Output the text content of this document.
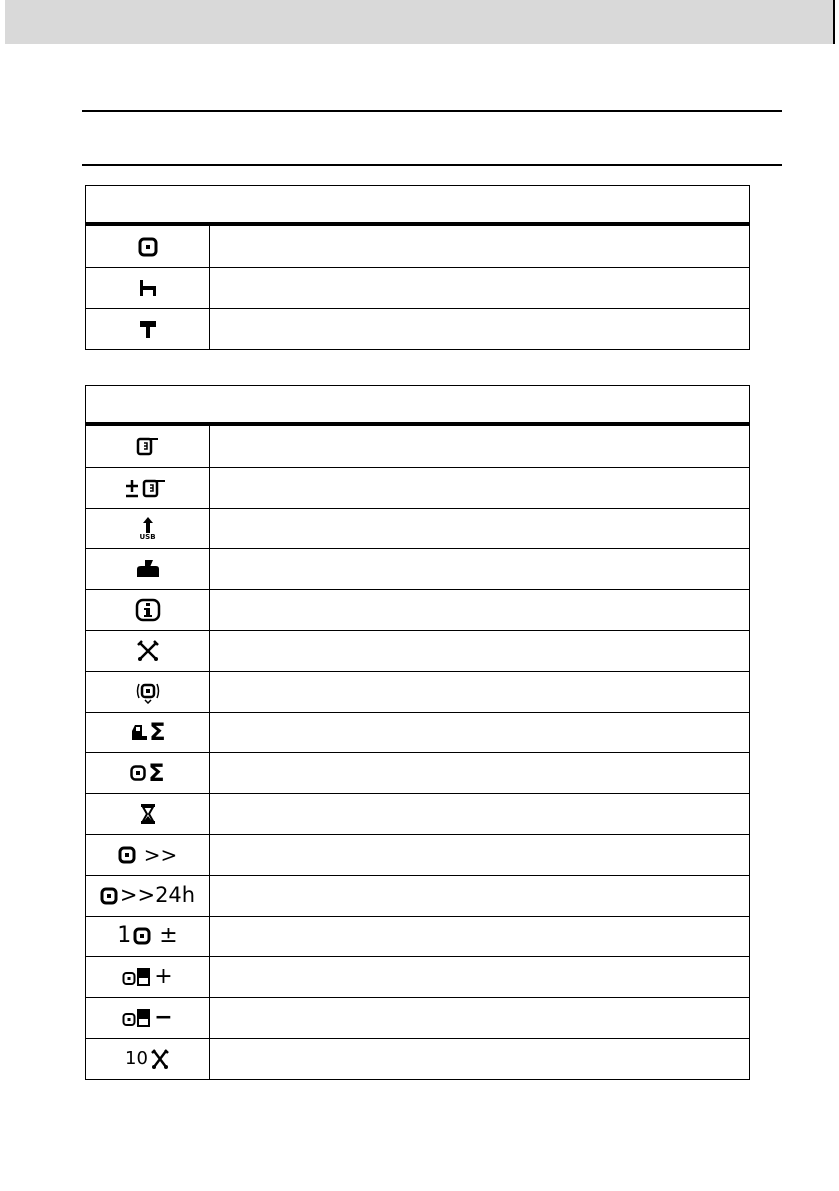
USB
Σ
Σ
>>
>>24h
1 ±
+
−
10
